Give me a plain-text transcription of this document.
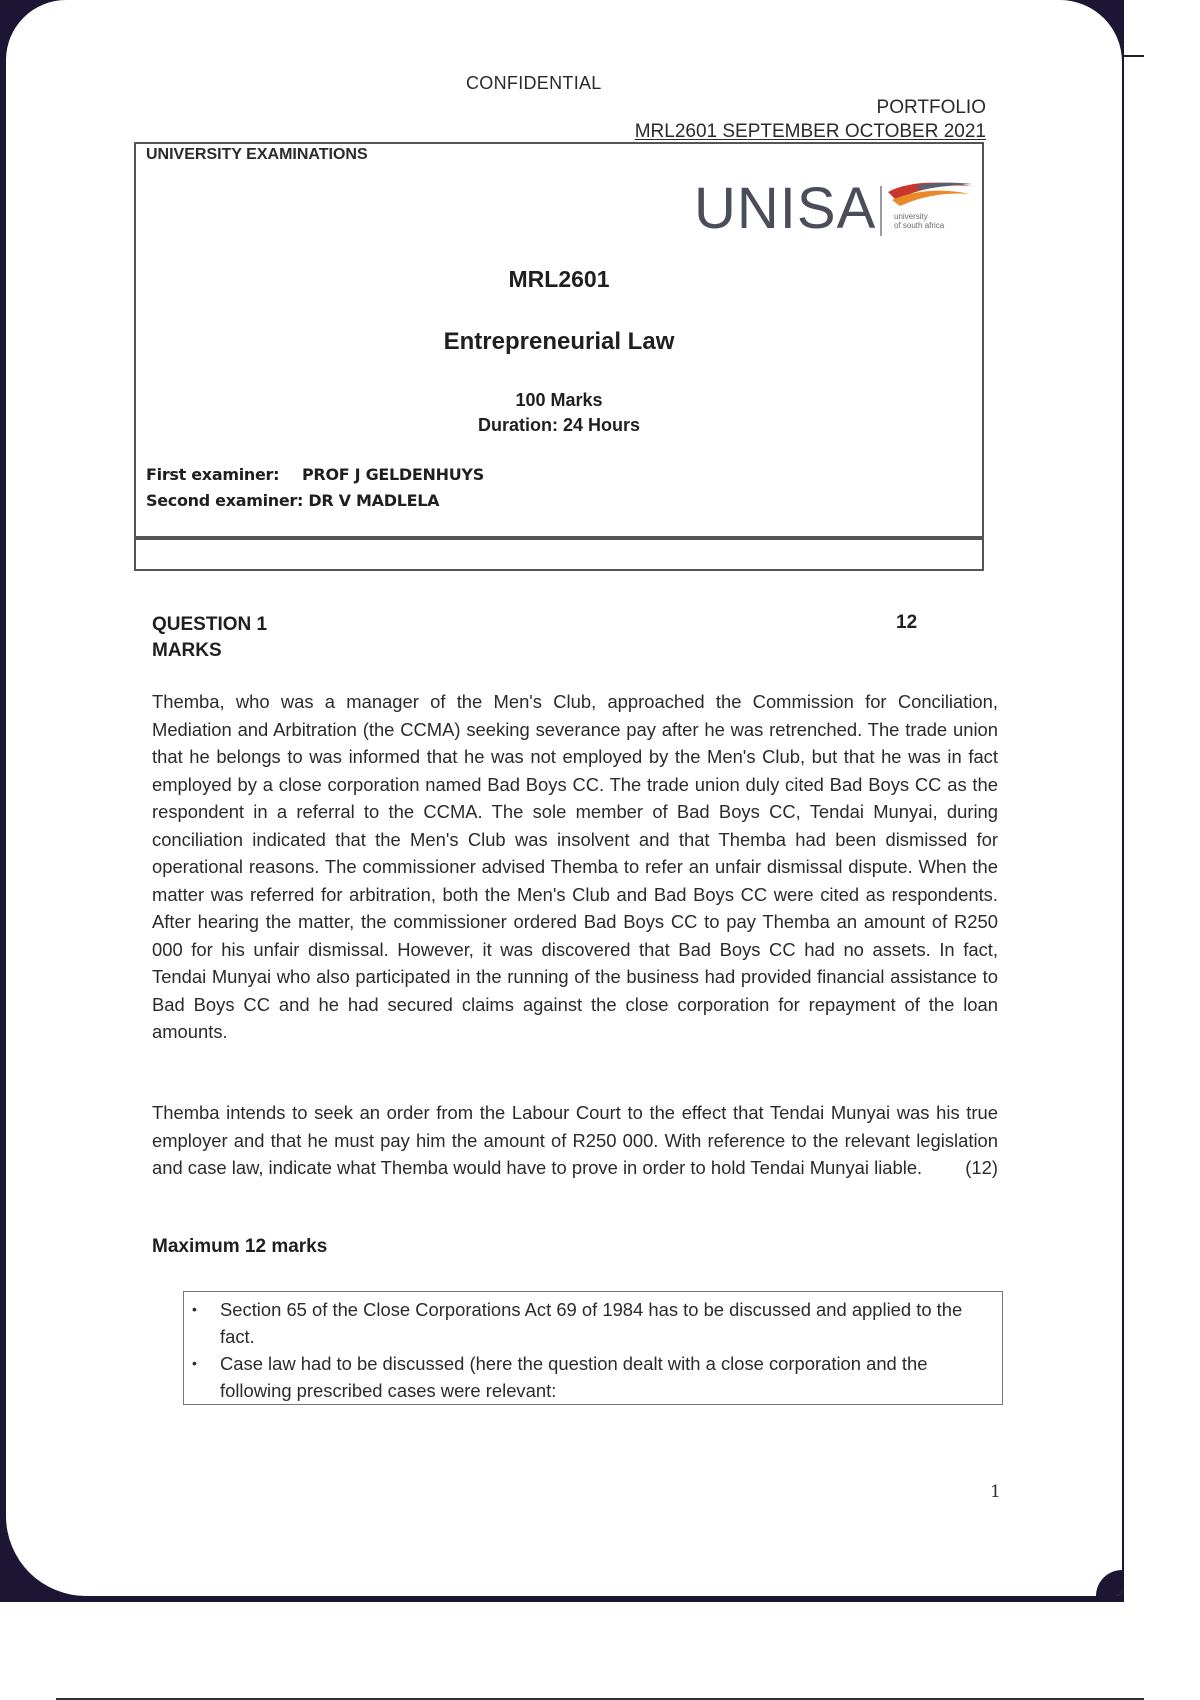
CONFIDENTIAL
PORTFOLIO
MRL2601 SEPTEMBER OCTOBER 2021
UNIVERSITY EXAMINATIONS
UNISA university
of south africa
MRL2601
Entrepreneurial Law
100 Marks
Duration: 24 Hours
First examiner: PROF J GELDENHUYS
Second examiner: DR V MADLELA
QUESTION 1
MARKS
12
Themba, who was a manager of the Men's Club, approached the Commission for Conciliation, Mediation and Arbitration (the CCMA) seeking severance pay after he was retrenched. The trade union that he belongs to was informed that he was not employed by the Men's Club, but that he was in fact employed by a close corporation named Bad Boys CC. The trade union duly cited Bad Boys CC as the respondent in a referral to the CCMA. The sole member of Bad Boys CC, Tendai Munyai, during conciliation indicated that the Men's Club was insolvent and that Themba had been dismissed for operational reasons. The commissioner advised Themba to refer an unfair dismissal dispute. When the matter was referred for arbitration, both the Men's Club and Bad Boys CC were cited as respondents. After hearing the matter, the commissioner ordered Bad Boys CC to pay Themba an amount of R250 000 for his unfair dismissal. However, it was discovered that Bad Boys CC had no assets. In fact, Tendai Munyai who also participated in the running of the business had provided financial assistance to Bad Boys CC and he had secured claims against the close corporation for repayment of the loan amounts.
Themba intends to seek an order from the Labour Court to the effect that Tendai Munyai was his true employer and that he must pay him the amount of R250 000. With reference to the relevant legislation and case law, indicate what Themba would have to prove in order to hold Tendai Munyai liable. (12)
Maximum 12 marks
• Section 65 of the Close Corporations Act 69 of 1984 has to be discussed and applied to the fact.
• Case law had to be discussed (here the question dealt with a close corporation and the following prescribed cases were relevant:
1
